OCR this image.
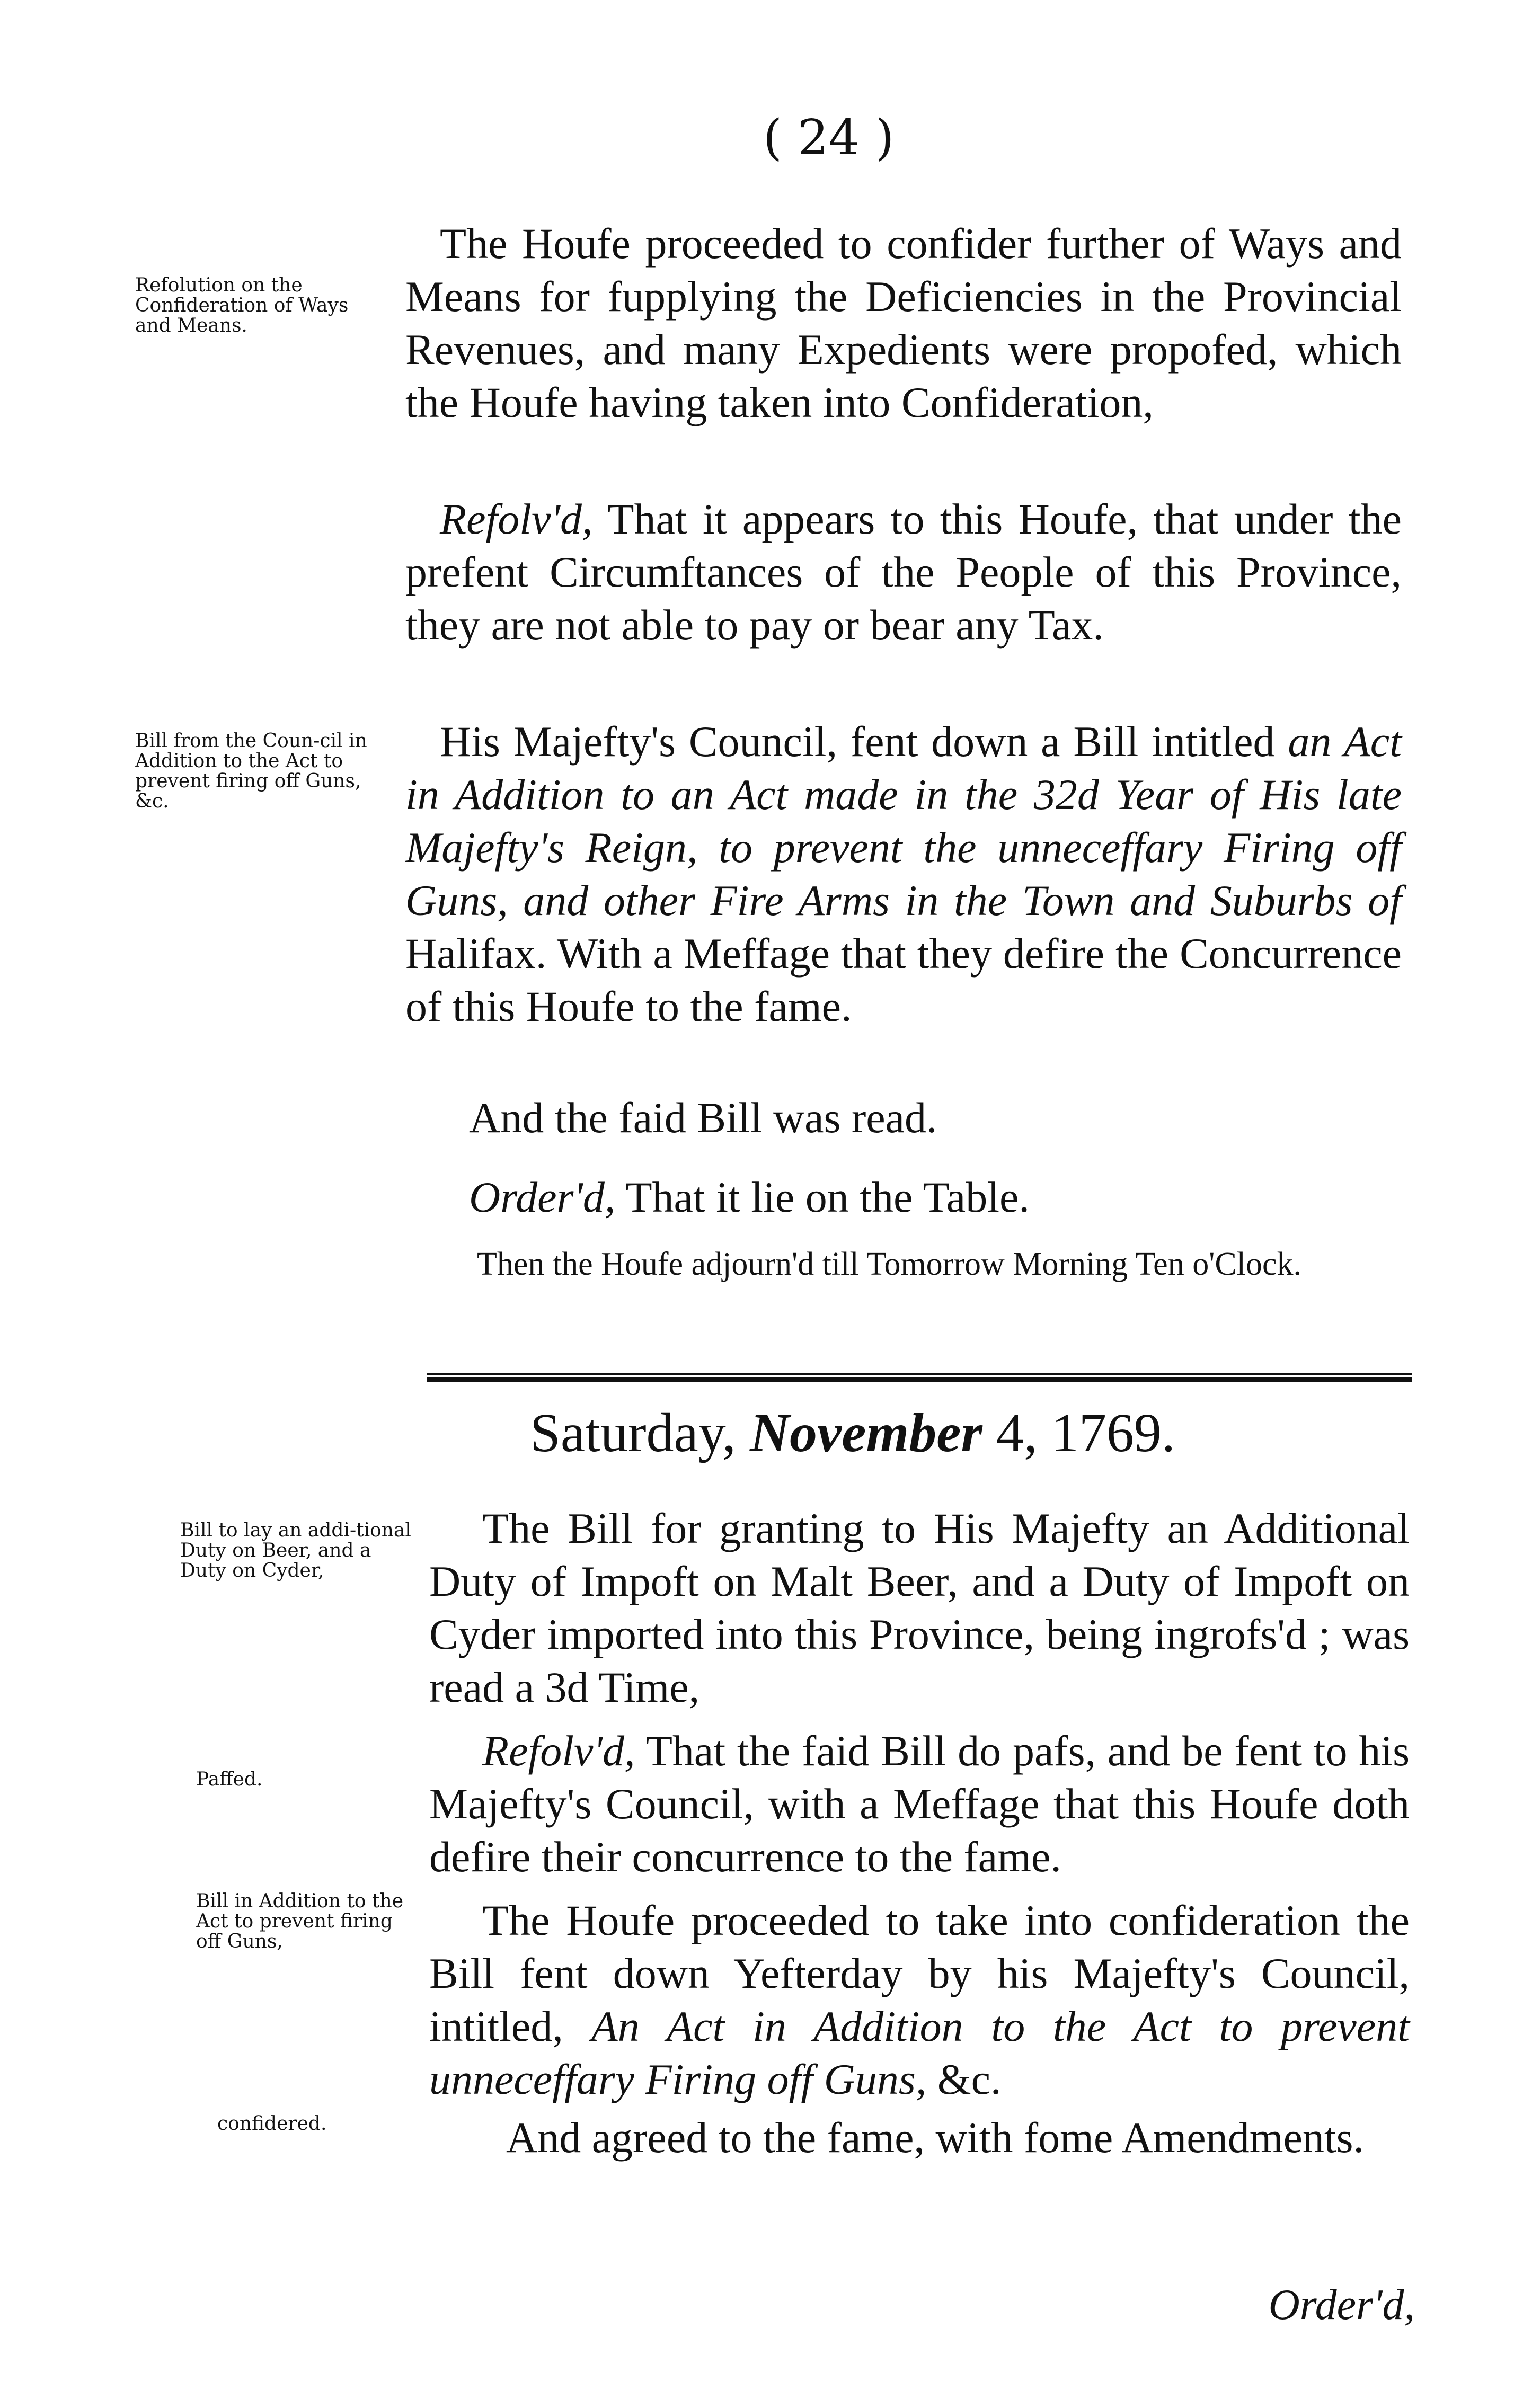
( 24 )
Refolution on the Confideration of Ways and Means.
Bill from the Coun-cil in Addition to the Act to prevent firing off Guns, &c.
Bill to lay an addi-tional Duty on Beer, and a Duty on Cyder,
Paffed.
Bill in Addition to the Act to prevent firing off Guns,
confidered.

The Houfe proceeded to confider further of Ways and Means for fupplying the Deficiencies in the Provincial Revenues, and many Expedients were propofed, which the Houfe having taken into Confideration,

Refolv'd, That it appears to this Houfe, that under the prefent Circumftances of the People of this Province, they are not able to pay or bear any Tax.

His Majefty's Council, fent down a Bill intitled an Act in Addition to an Act made in the 32d Year of His late Majefty's Reign, to prevent the unneceffary Firing off Guns, and other Fire Arms in the Town and Suburbs of Halifax. With a Meffage that they defire the Concurrence of this Houfe to the fame.

And the faid Bill was read.

Order'd, That it lie on the Table.

Then the Houfe adjourn'd till Tomorrow Morning Ten o'Clock.

Saturday, November 4, 1769.

The Bill for granting to His Majefty an Additional Duty of Impoft on Malt Beer, and a Duty of Impoft on Cyder imported into this Province, being ingrofs'd ; was read a 3d Time,

Refolv'd, That the faid Bill do pafs, and be fent to his Majefty's Council, with a Meffage that this Houfe doth defire their concurrence to the fame.

The Houfe proceeded to take into confideration the Bill fent down Yefterday by his Majefty's Council, intitled, An Act in Addition to the Act to prevent unneceffary Firing off Guns, &c.

And agreed to the fame, with fome Amendments.

Order'd,
